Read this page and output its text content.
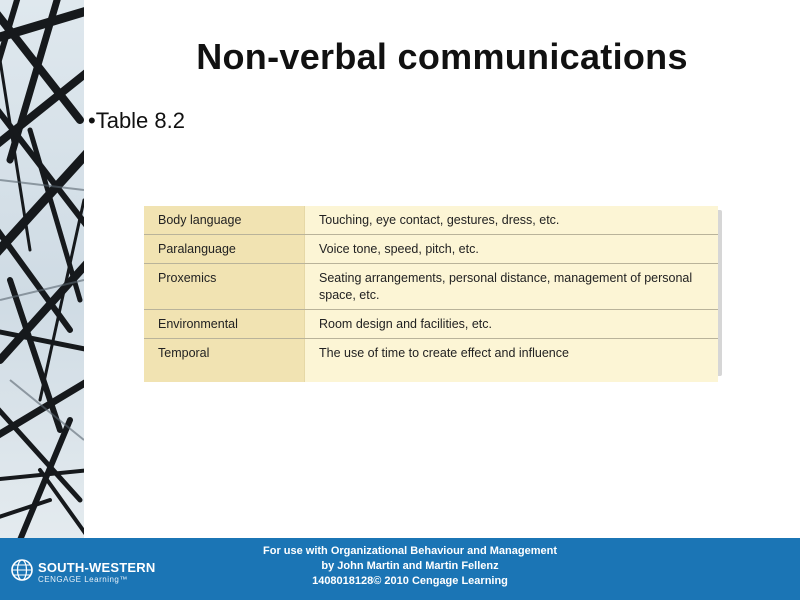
Non-verbal communications
•Table 8.2
Body language	Touching, eye contact, gestures, dress, etc.
Paralanguage	Voice tone, speed, pitch, etc.
Proxemics	Seating arrangements, personal distance, management of personal space, etc.
Environmental	Room design and facilities, etc.
Temporal	The use of time to create effect and influence
SOUTH-WESTERN
CENGAGE Learning™
For use with Organizational Behaviour and Management
by John Martin and Martin Fellenz
1408018128© 2010 Cengage Learning
